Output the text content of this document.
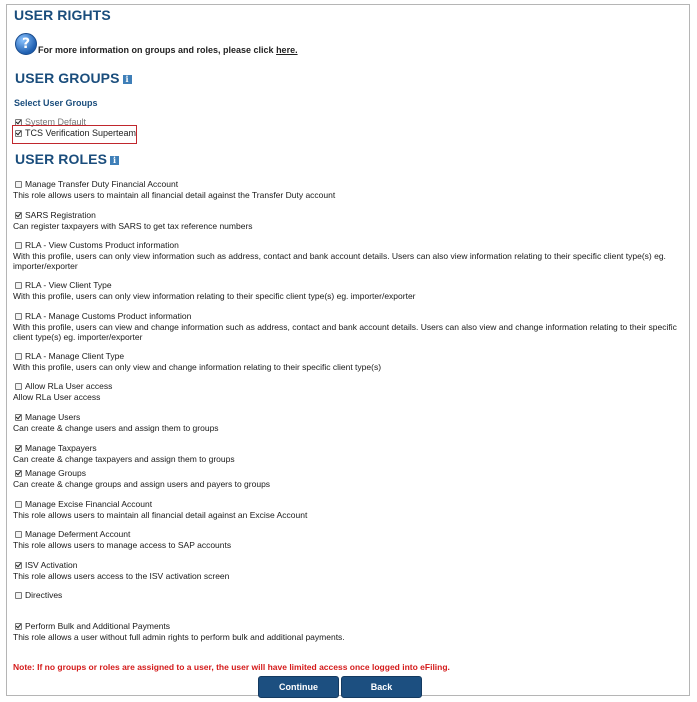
USER RIGHTS
? For more information on groups and roles, please click here.
USER GROUPS i
Select User Groups
System Default
TCS Verification Superteam
USER ROLES i
Manage Transfer Duty Financial Account
This role allows users to maintain all financial detail against the Transfer Duty account
SARS Registration
Can register taxpayers with SARS to get tax reference numbers
RLA - View Customs Product information
With this profile, users can only view information such as address, contact and bank account details. Users can also view information relating to their specific client type(s) eg. importer/exporter
RLA - View Client Type
With this profile, users can only view information relating to their specific client type(s) eg. importer/exporter
RLA - Manage Customs Product information
With this profile, users can view and change information such as address, contact and bank account details. Users can also view and change information relating to their specific client type(s) eg. importer/exporter
RLA - Manage Client Type
With this profile, users can only view and change information relating to their specific client type(s)
Allow RLa User access
Allow RLa User access
Manage Users
Can create & change users and assign them to groups
Manage Taxpayers
Can create & change taxpayers and assign them to groups
Manage Groups
Can create & change groups and assign users and payers to groups
Manage Excise Financial Account
This role allows users to maintain all financial detail against an Excise Account
Manage Deferment Account
This role allows users to manage access to SAP accounts
ISV Activation
This role allows users access to the ISV activation screen
Directives
Perform Bulk and Additional Payments
This role allows a user without full admin rights to perform bulk and additional payments.
Note: If no groups or roles are assigned to a user, the user will have limited access once logged into eFiling.
Continue	Back
